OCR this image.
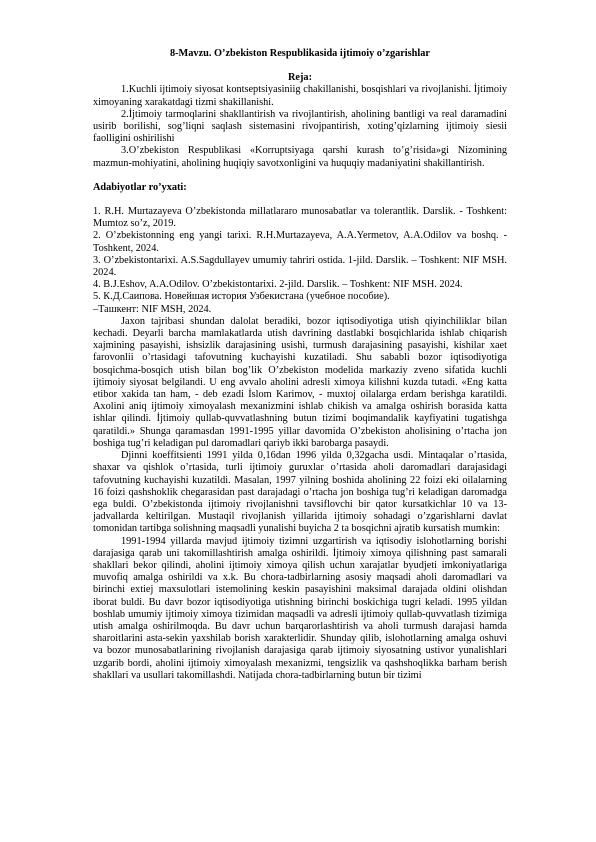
8-Mavzu. O’zbekiston Respublikasida ijtimoiy o’zgarishlar

Reja:

1.Kuchli ijtimoiy siyosat kontseptsiyasiniig chakillanishi, bosqishlari va rivojlanishi. İjtimoiy ximoyaning xarakatdagi tizmi shakillanishi.

2.İjtimoiy tarmoqlarini shakllantirish va rivojlantirish, aholining bantligi va real daramadini usirib borilishi, sog’liqni saqlash sistemasini rivojpantirish, xoting’qizlarning ijtimoiy siesii faolligini oshirilishi

3.O’zbekiston Respublikasi «Korruptsiyaga qarshi kurash to’g’risida»gi Nizomining mazmun-mohiyatini, aholining huqiqiy savotxonligini va huquqiy madaniyatini shakillantirish.

Adabiyotlar ro’yxati:

1. R.H. Murtazayeva O’zbekistonda millatlararo munosabatlar va tolerantlik. Darslik. - Toshkent: Mumtoz so’z, 2019.

2. O’zbekistonning eng yangi tarixi. R.H.Murtazayeva, A.A.Yermetov, A.A.Odilov va boshq. - Toshkent, 2024.

3. O’zbekistontarixi. A.S.Sagdullayev umumiy tahriri ostida. 1-jild. Darslik. – Toshkent: NIF MSH. 2024.

4. B.J.Eshov, A.A.Odilov. O’zbekistontarixi. 2-jild. Darslik. – Toshkent: NIF MSH. 2024.

5. К.Д.Саипова. Новейшая история Узбекистана (учебное пособие).

–Ташкент: NIF MSH, 2024.

Jaxon tajribasi shundan dalolat beradiki, bozor iqtisodiyotiga utish qiyinchiliklar bilan kechadi. Deyarli barcha mamlakatlarda utish davrining dastlabki bosqichlarida ishlab chiqarish xajmining pasayishi, ishsizlik darajasining usishi, turmush darajasining pasayishi, kishilar xaet farovonlii o’rtasidagi tafovutning kuchayishi kuzatiladi. Shu sababli bozor iqtisodiyotiga bosqichma-bosqich utish bilan bog’lik O’zbekiston modelida markaziy zveno sifatida kuchli ijtimoiy siyosat belgilandi. U eng avvalo aholini adresli ximoya kilishni kuzda tutadi. «Eng katta etibor xakida tan ham, - deb ezadi İslom Karimov, - muxtoj oilalarga erdam berishga karatildi. Axolini aniq ijtimoiy ximoyalash mexanizmini ishlab chikish va amalga oshirish borasida katta ishlar qilindi. İjtimoiy qullab-quvvatlashning butun tizimi boqimandalik kayfiyatini tugatishga qaratildi.» Shunga qaramasdan 1991-1995 yillar davomida O’zbekiston aholisining o’rtacha jon boshiga tug’ri keladigan pul daromadlari qariyb ikki barobarga pasaydi.

Djinni koeffitsienti 1991 yilda 0,16dan 1996 yilda 0,32gacha usdi. Mintaqalar o’rtasida, shaxar va qishlok o’rtasida, turli ijtimoiy guruxlar o’rtasida aholi daromadlari darajasidagi tafovutning kuchayishi kuzatildi. Masalan, 1997 yilning boshida aholining 22 foizi eki oilalarning 16 foizi qashshoklik chegarasidan past darajadagi o’rtacha jon boshiga tug’ri keladigan daromadga ega buldi. O’zbekistonda ijtimoiy rivojlanishni tavsiflovchi bir qator kursatkichlar 10 va 13-jadvallarda keltirilgan. Mustaqil rivojlanish yillarida ijtimoiy sohadagi o’zgarishlarni davlat tomonidan tartibga solishning maqsadli yunalishi buyicha 2 ta bosqichni ajratib kursatish mumkin:

1991-1994 yillarda mavjud ijtimoiy tizimni uzgartirish va iqtisodiy islohotlarning borishi darajasiga qarab uni takomillashtirish amalga oshirildi. İjtimoiy ximoya qilishning past samarali shakllari bekor qilindi, aholini ijtimoiy ximoya qilish uchun xarajatlar byudjeti imkoniyatlariga muvofiq amalga oshirildi va x.k. Bu chora-tadbirlarning asosiy maqsadi aholi daromadlari va birinchi extiej maxsulotlari istemolining keskin pasayishini maksimal darajada oldini olishdan iborat buldi. Bu davr bozor iqtisodiyotiga utishning birinchi boskichiga tugri keladi. 1995 yildan boshlab umumiy ijtimoiy ximoya tizimidan maqsadli va adresli ijtimoiy qullab-quvvatlash tizimiga utish amalga oshirilmoqda. Bu davr uchun barqarorlashtirish va aholi turmush darajasi hamda sharoitlarini asta-sekin yaxshilab borish xarakterlidir. Shunday qilib, islohotlarning amalga oshuvi va bozor munosabatlarining rivojlanish darajasiga qarab ijtimoiy siyosatning ustivor yunalishlari uzgarib bordi, aholini ijtimoiy ximoyalash mexanizmi, tengsizlik va qashshoqlikka barham berish shakllari va usullari takomillashdi. Natijada chora-tadbirlarning butun bir tizimi
